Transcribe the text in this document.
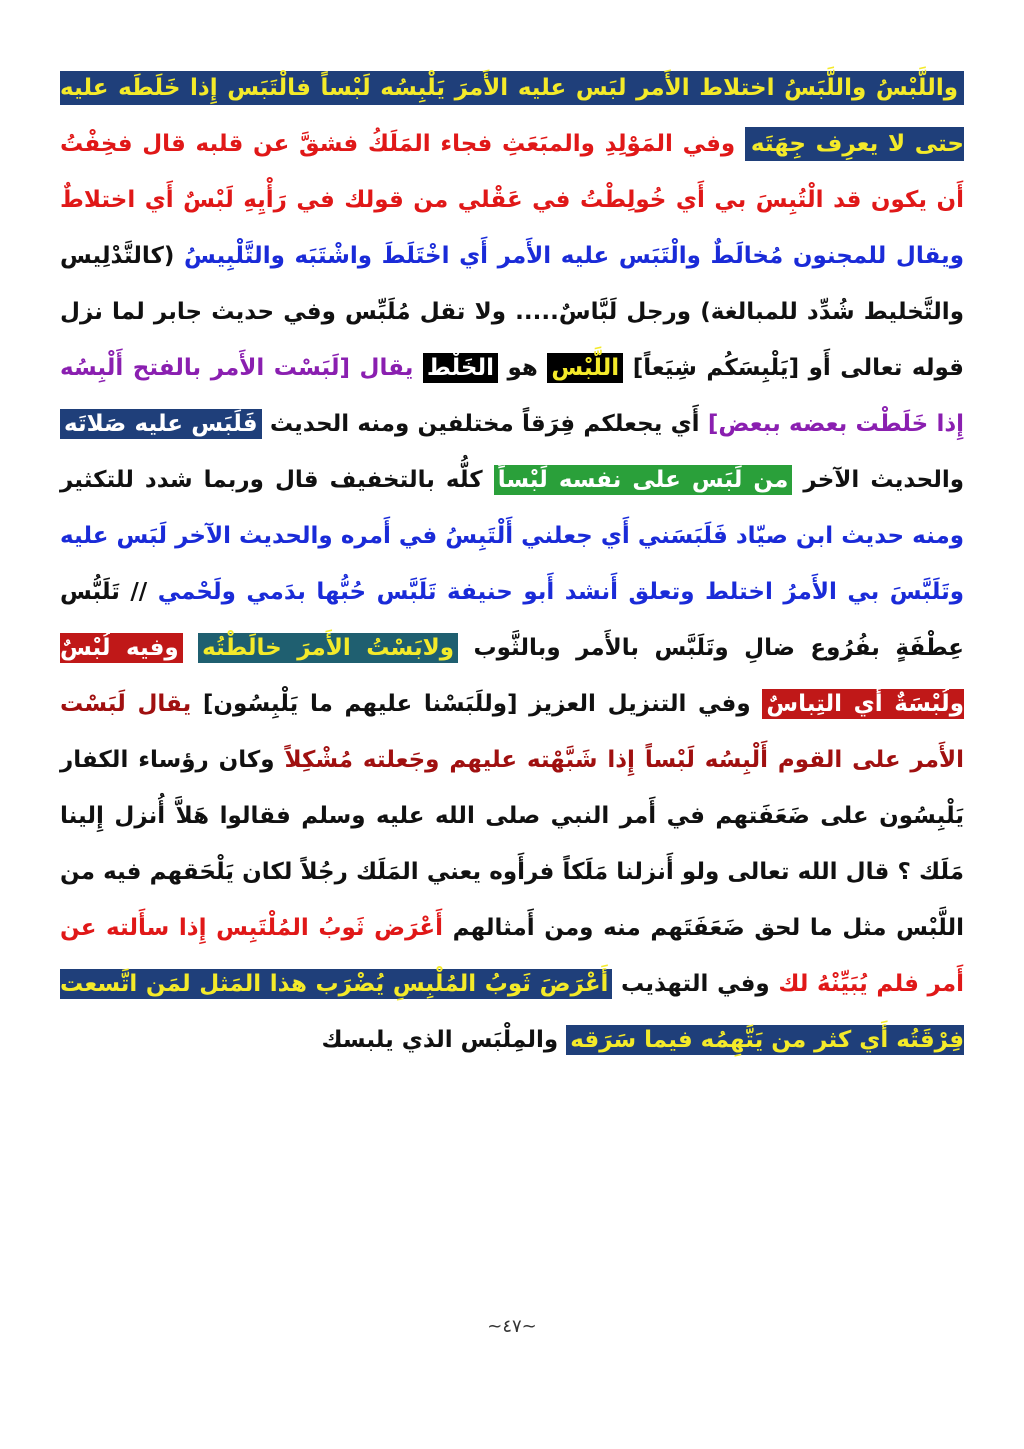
واللَّبْسُ واللَّبَسُ اختلاط الأَمر لبَس عليه الأَمرَ يَلْبِسُه لَبْساً فالْتَبَس إِذا خَلَطَه عليه حتى لا يعرِف جِهَتَه وفي المَوْلِدِ والمبَعَثِ فجاء المَلَكُ فشقَّ عن قلبه قال فخِفْتُ أَن يكون قد الْتُبِسَ بي أَي خُولِطْتُ في عَقْلي من قولك في رَأْيِهِ لَبْسٌ أَي اختلاطٌ ويقال للمجنون مُخالَطٌ والْتَبَس عليه الأَمر أَي اخْتَلَطَ واشْتَبَه والتَّلْبِيسُ (كالتَّدْلِيس والتَّخليط شُدِّد للمبالغة) ورجل لَبَّاسٌ..... ولا تقل مُلَبِّس وفي حديث جابر لما نزل قوله تعالى أَو [يَلْبِسَكُم شِيَعاً] اللَّبْس هو الخَلْط يقال [لَبَسْت الأَمر بالفتح أَلْبِسُه إِذا خَلَطْت بعضه ببعض] أَي يجعلكم فِرَقاً مختلفين ومنه الحديث فَلَبَس عليه صَلاتَه والحديث الآخر من لَبَس على نفسه لَبْساً كلُّه بالتخفيف قال وربما شدد للتكثير ومنه حديث ابن صيّاد فَلَبَسَني أَي جعلني أَلْتَبِسُ في أَمره والحديث الآخر لَبَس عليه وتَلَبَّسَ بي الأَمرُ اختلط وتعلق أَنشد أَبو حنيفة تَلَبَّس حُبُّها بدَمي ولَحْمي // تَلَبُّس عِطْفَةٍ بفُرُوع ضالِ وتَلَبَّس بالأَمر وبالثَّوب ولابَسْتُ الأَمرَ خالَطْتُه وفيه لُبْسٌ ولُبْسَةٌ أَي التِباسٌ وفي التنزيل العزيز [وللَبَسْنا عليهم ما يَلْبِسُون] يقال لَبَسْت الأَمر على القوم أَلْبِسُه لَبْساً إِذا شَبَّهْته عليهم وجَعلته مُشْكِلاً وكان رؤساء الكفار يَلْبِسُون على ضَعَفَتهم في أَمر النبي صلى الله عليه وسلم فقالوا هَلاَّ أُنزل إِلينا مَلَك ؟ قال الله تعالى ولو أَنزلنا مَلَكاً فرأَوه يعني المَلَك رجُلاً لكان يَلْحَقهم فيه من اللَّبْس مثل ما لحق ضَعَفَتَهم منه ومن أَمثالهم أَعْرَض ثَوبُ المُلْتَبِس إِذا سأَلته عن أَمر فلم يُبَيِّنْهُ لك وفي التهذيب أَعْرَضَ ثَوبُ المُلْبِسِ يُضْرَب هذا المَثل لمَن اتَّسعت فِرْقَتُه أَي كثر من يَتَّهِمُه فيما سَرَقه والمِلْبَس الذي يلبسك

~٤٧~
